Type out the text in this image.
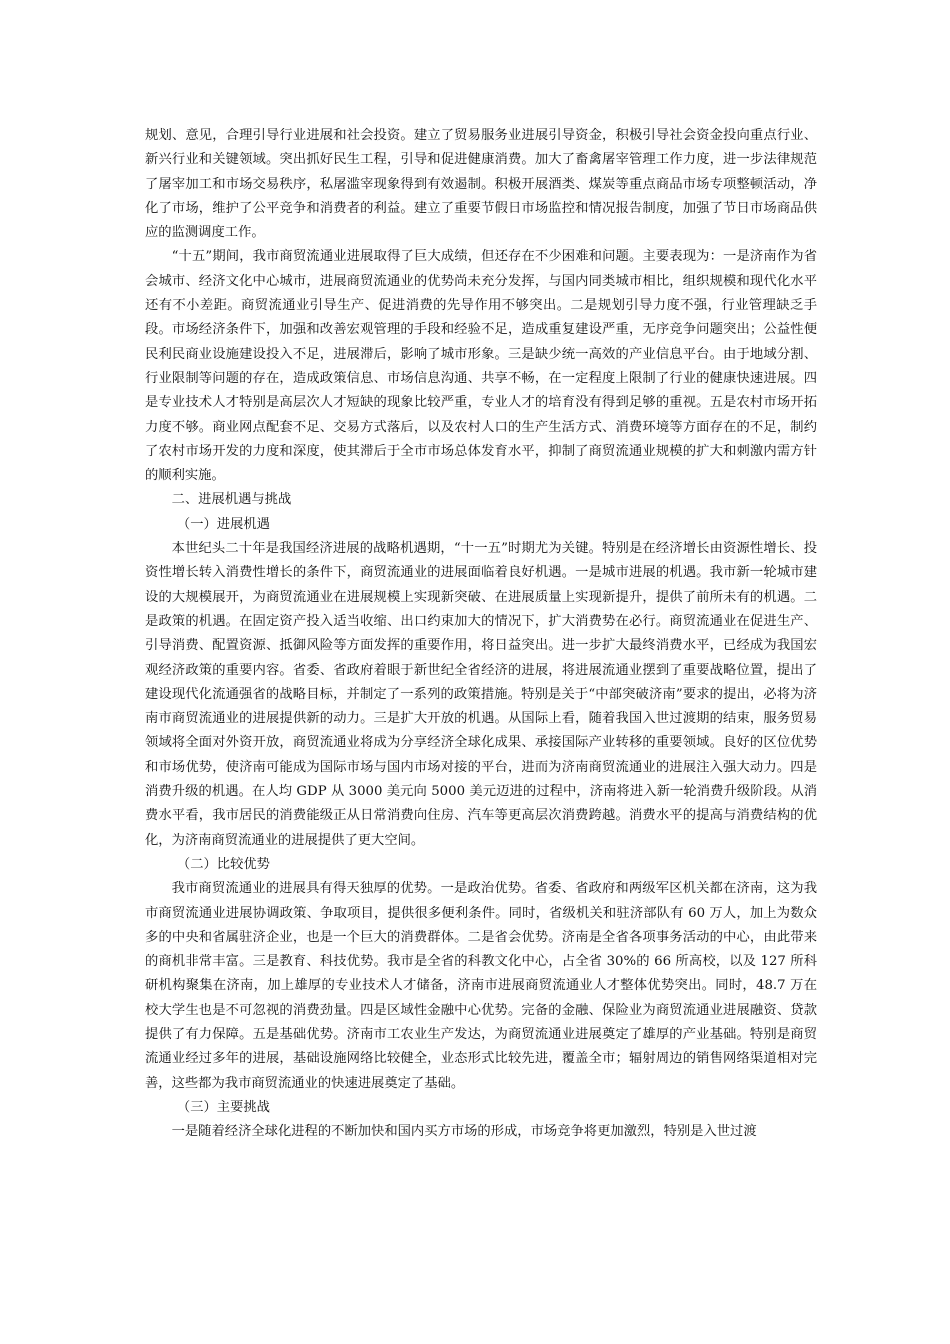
规划、意见，合理引导行业进展和社会投资。建立了贸易服务业进展引导资金，积极引导社会资金投向重点行业、新兴行业和关键领域。突出抓好民生工程，引导和促进健康消费。加大了畜禽屠宰管理工作力度，进一步法律规范了屠宰加工和市场交易秩序，私屠滥宰现象得到有效遏制。积极开展酒类、煤炭等重点商品市场专项整顿活动，净化了市场，维护了公平竞争和消费者的利益。建立了重要节假日市场监控和情况报告制度，加强了节日市场商品供应的监测调度工作。

“十五”期间，我市商贸流通业进展取得了巨大成绩，但还存在不少困难和问题。主要表现为：一是济南作为省会城市、经济文化中心城市，进展商贸流通业的优势尚未充分发挥，与国内同类城市相比，组织规模和现代化水平还有不小差距。商贸流通业引导生产、促进消费的先导作用不够突出。二是规划引导力度不强，行业管理缺乏手段。市场经济条件下，加强和改善宏观管理的手段和经验不足，造成重复建设严重，无序竞争问题突出；公益性便民利民商业设施建设投入不足，进展滞后，影响了城市形象。三是缺少统一高效的产业信息平台。由于地域分割、行业限制等问题的存在，造成政策信息、市场信息沟通、共享不畅，在一定程度上限制了行业的健康快速进展。四是专业技术人才特别是高层次人才短缺的现象比较严重，专业人才的培育没有得到足够的重视。五是农村市场开拓力度不够。商业网点配套不足、交易方式落后，以及农村人口的生产生活方式、消费环境等方面存在的不足，制约了农村市场开发的力度和深度，使其滞后于全市市场总体发育水平，抑制了商贸流通业规模的扩大和刺激内需方针的顺利实施。

二、进展机遇与挑战

（一）进展机遇

本世纪头二十年是我国经济进展的战略机遇期，“十一五”时期尤为关键。特别是在经济增长由资源性增长、投资性增长转入消费性增长的条件下，商贸流通业的进展面临着良好机遇。一是城市进展的机遇。我市新一轮城市建设的大规模展开，为商贸流通业在进展规模上实现新突破、在进展质量上实现新提升，提供了前所未有的机遇。二是政策的机遇。在固定资产投入适当收缩、出口约束加大的情况下，扩大消费势在必行。商贸流通业在促进生产、引导消费、配置资源、抵御风险等方面发挥的重要作用，将日益突出。进一步扩大最终消费水平，已经成为我国宏观经济政策的重要内容。省委、省政府着眼于新世纪全省经济的进展，将进展流通业摆到了重要战略位置，提出了建设现代化流通强省的战略目标，并制定了一系列的政策措施。特别是关于“中部突破济南”要求的提出，必将为济南市商贸流通业的进展提供新的动力。三是扩大开放的机遇。从国际上看，随着我国入世过渡期的结束，服务贸易领域将全面对外资开放，商贸流通业将成为分享经济全球化成果、承接国际产业转移的重要领域。良好的区位优势和市场优势，使济南可能成为国际市场与国内市场对接的平台，进而为济南商贸流通业的进展注入强大动力。四是消费升级的机遇。在人均 GDP 从 3000 美元向 5000 美元迈进的过程中，济南将进入新一轮消费升级阶段。从消费水平看，我市居民的消费能级正从日常消费向住房、汽车等更高层次消费跨越。消费水平的提高与消费结构的优化，为济南商贸流通业的进展提供了更大空间。

（二）比较优势

我市商贸流通业的进展具有得天独厚的优势。一是政治优势。省委、省政府和两级军区机关都在济南，这为我市商贸流通业进展协调政策、争取项目，提供很多便利条件。同时，省级机关和驻济部队有 60 万人，加上为数众多的中央和省属驻济企业，也是一个巨大的消费群体。二是省会优势。济南是全省各项事务活动的中心，由此带来的商机非常丰富。三是教育、科技优势。我市是全省的科教文化中心，占全省 30%的 66 所高校，以及 127 所科研机构聚集在济南，加上雄厚的专业技术人才储备，济南市进展商贸流通业人才整体优势突出。同时，48.7 万在校大学生也是不可忽视的消费劲量。四是区域性金融中心优势。完备的金融、保险业为商贸流通业进展融资、贷款提供了有力保障。五是基础优势。济南市工农业生产发达，为商贸流通业进展奠定了雄厚的产业基础。特别是商贸流通业经过多年的进展，基础设施网络比较健全，业态形式比较先进，覆盖全市；辐射周边的销售网络渠道相对完善，这些都为我市商贸流通业的快速进展奠定了基础。

（三）主要挑战

一是随着经济全球化进程的不断加快和国内买方市场的形成，市场竞争将更加激烈，特别是入世过渡
